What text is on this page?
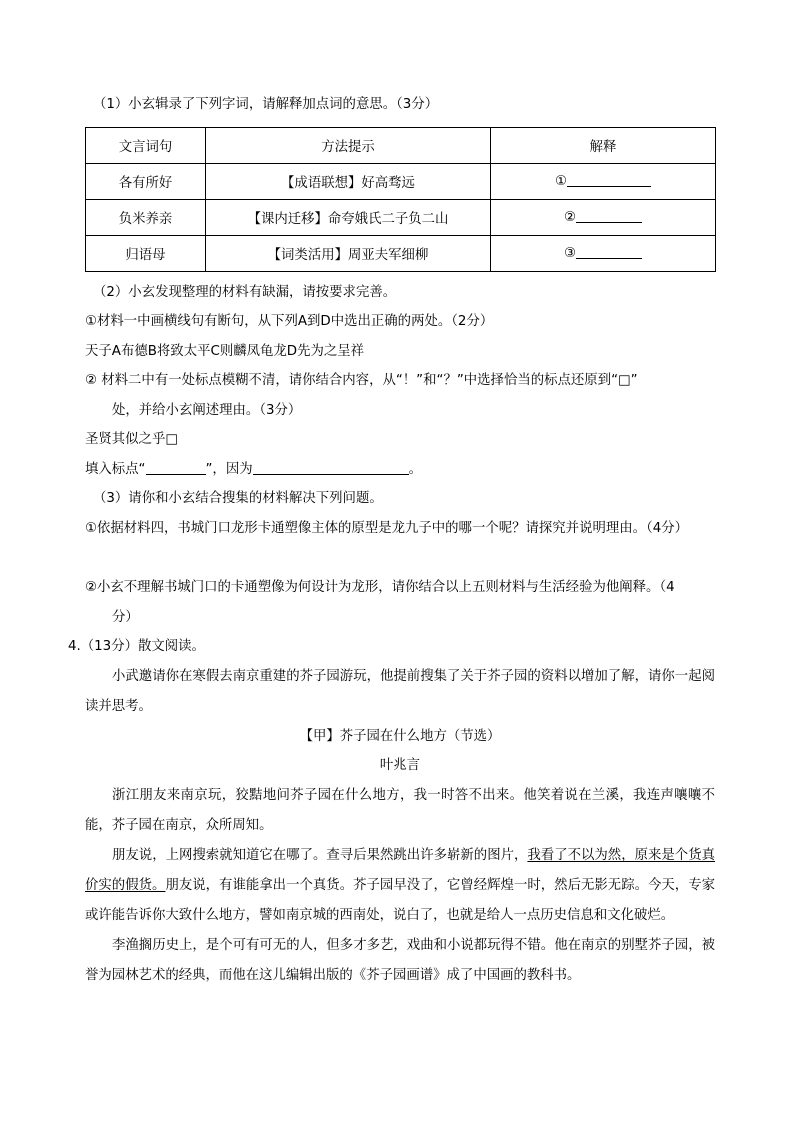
（1）小玄辑录了下列字词，请解释加点词的意思。（3分）
文言词句	方法提示	解释
各有所好	【成语联想】好高骛远	①
负米养亲	【课内迁移】命夸娥氏二子负二山	②
归语母	【词类活用】周亚夫军细柳	③
（2）小玄发现整理的材料有缺漏，请按要求完善。
①材料一中画横线句有断句，从下列A到D中选出正确的两处。（2分）
天子A布德B将致太平C则麟凤龟龙D先为之呈祥
② 材料二中有一处标点模糊不清，请你结合内容，从“！”和“？”中选择恰当的标点还原到“□”
处，并给小玄阐述理由。（3分）
圣贤其似之乎□
填入标点“	”，因为	。
（3）请你和小玄结合搜集的材料解决下列问题。
①依据材料四，书城门口龙形卡通塑像主体的原型是龙九子中的哪一个呢？请探究并说明理由。（4分）
②小玄不理解书城门口的卡通塑像为何设计为龙形，请你结合以上五则材料与生活经验为他阐释。（4
分）
4.（13分）散文阅读。
小武邀请你在寒假去南京重建的芥子园游玩，他提前搜集了关于芥子园的资料以增加了解，请你一起阅读并思考。
【甲】芥子园在什么地方（节选）
叶兆言
浙江朋友来南京玩，狡黠地问芥子园在什么地方，我一时答不出来。他笑着说在兰溪，我连声嚷嚷不能，芥子园在南京，众所周知。
朋友说，上网搜索就知道它在哪了。查寻后果然跳出许多崭新的图片，我看了不以为然，原来是个货真价实的假货。朋友说，有谁能拿出一个真货。芥子园早没了，它曾经辉煌一时，然后无影无踪。今天，专家或许能告诉你大致什么地方，譬如南京城的西南处，说白了，也就是给人一点历史信息和文化破烂。
李渔搁历史上，是个可有可无的人，但多才多艺，戏曲和小说都玩得不错。他在南京的别墅芥子园，被誉为园林艺术的经典，而他在这儿编辑出版的《芥子园画谱》成了中国画的教科书。
